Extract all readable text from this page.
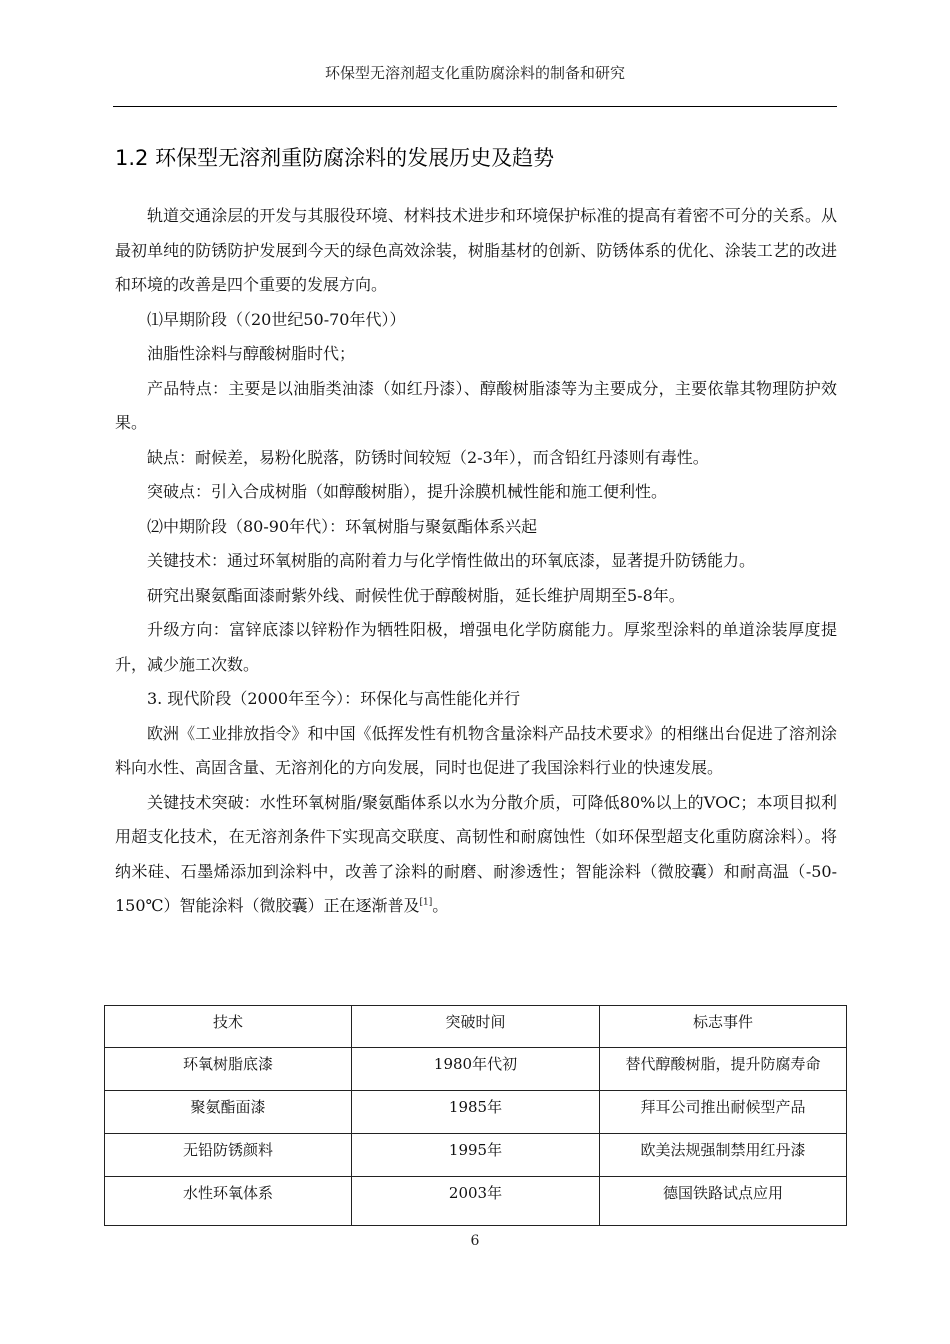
环保型无溶剂超支化重防腐涂料的制备和研究
1.2 环保型无溶剂重防腐涂料的发展历史及趋势

轨道交通涂层的开发与其服役环境、材料技术进步和环境保护标准的提高有着密不可分的关系。从最初单纯的防锈防护发展到今天的绿色高效涂装，树脂基材的创新、防锈体系的优化、涂装工艺的改进和环境的改善是四个重要的发展方向。

⑴早期阶段（（20世纪50-70年代））

油脂性涂料与醇酸树脂时代；

产品特点：主要是以油脂类油漆（如红丹漆）、醇酸树脂漆等为主要成分，主要依靠其物理防护效果。

缺点：耐候差，易粉化脱落，防锈时间较短（2-3年），而含铅红丹漆则有毒性。

突破点：引入合成树脂（如醇酸树脂），提升涂膜机械性能和施工便利性。

⑵中期阶段（80-90年代）：环氧树脂与聚氨酯体系兴起

关键技术：通过环氧树脂的高附着力与化学惰性做出的环氧底漆，显著提升防锈能力。

研究出聚氨酯面漆耐紫外线、耐候性优于醇酸树脂，延长维护周期至5-8年。

升级方向：富锌底漆以锌粉作为牺牲阳极，增强电化学防腐能力。厚浆型涂料的单道涂装厚度提升，减少施工次数。

3. 现代阶段（2000年至今）：环保化与高性能化并行

欧洲《工业排放指令》和中国《低挥发性有机物含量涂料产品技术要求》的相继出台促进了溶剂涂料向水性、高固含量、无溶剂化的方向发展，同时也促进了我国涂料行业的快速发展。

关键技术突破：水性环氧树脂/聚氨酯体系以水为分散介质，可降低80%以上的VOC；本项目拟利用超支化技术，在无溶剂条件下实现高交联度、高韧性和耐腐蚀性（如环保型超支化重防腐涂料）。将纳米硅、石墨烯添加到涂料中，改善了涂料的耐磨、耐渗透性；智能涂料（微胶囊）和耐高温（-50-150℃）智能涂料（微胶囊）正在逐渐普及[1]。

技术	突破时间	标志事件
环氧树脂底漆	1980年代初	替代醇酸树脂，提升防腐寿命
聚氨酯面漆	1985年	拜耳公司推出耐候型产品
无铅防锈颜料	1995年	欧美法规强制禁用红丹漆
水性环氧体系	2003年	德国铁路试点应用
6
